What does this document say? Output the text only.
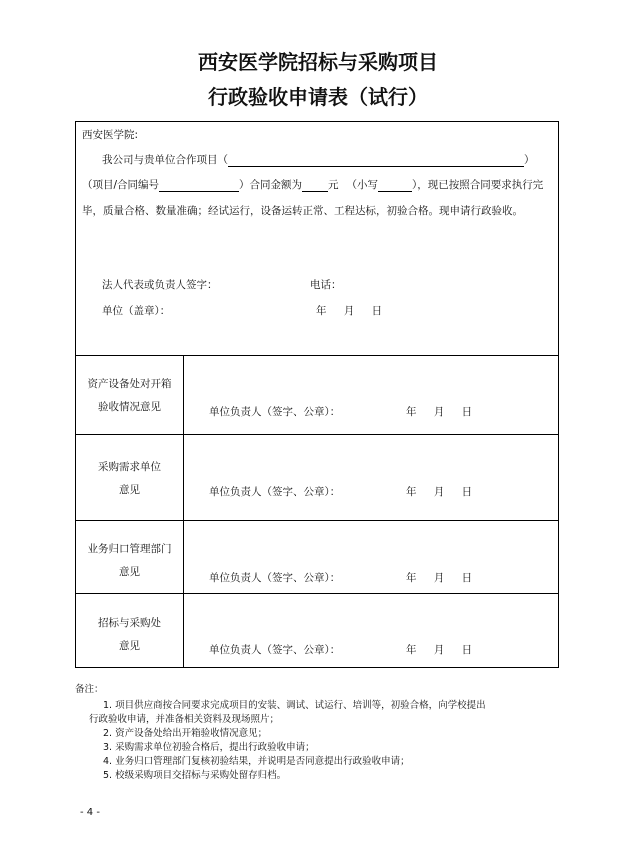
西安医学院招标与采购项目
行政验收申请表（试行）
西安医学院:
我公司与贵单位合作项目（	）
（项目/合同编号	）合同金额为 元 （小写	），现已按照合同要求执行完
毕，质量合格、数量准确；经试运行，设备运转正常、工程达标，初验合格。现申请行政验收。
法人代表或负责人签字：	电话：
单位（盖章）：	年 月 日
资产设备处对开箱
验收情况意见	单位负责人（签字、公章）：	年 月 日
采购需求单位
意见	单位负责人（签字、公章）：	年 月 日
业务归口管理部门
意见	单位负责人（签字、公章）：	年 月 日
招标与采购处
意见	单位负责人（签字、公章）：	年 月 日
备注：

1. 项目供应商按合同要求完成项目的安装、调试、试运行、培训等，初验合格，向学校提出

行政验收申请，并准备相关资料及现场照片；

2. 资产设备处给出开箱验收情况意见；

3. 采购需求单位初验合格后，提出行政验收申请；

4. 业务归口管理部门复核初验结果，并说明是否同意提出行政验收申请；

5. 校级采购项目交招标与采购处留存归档。

- 4 -
